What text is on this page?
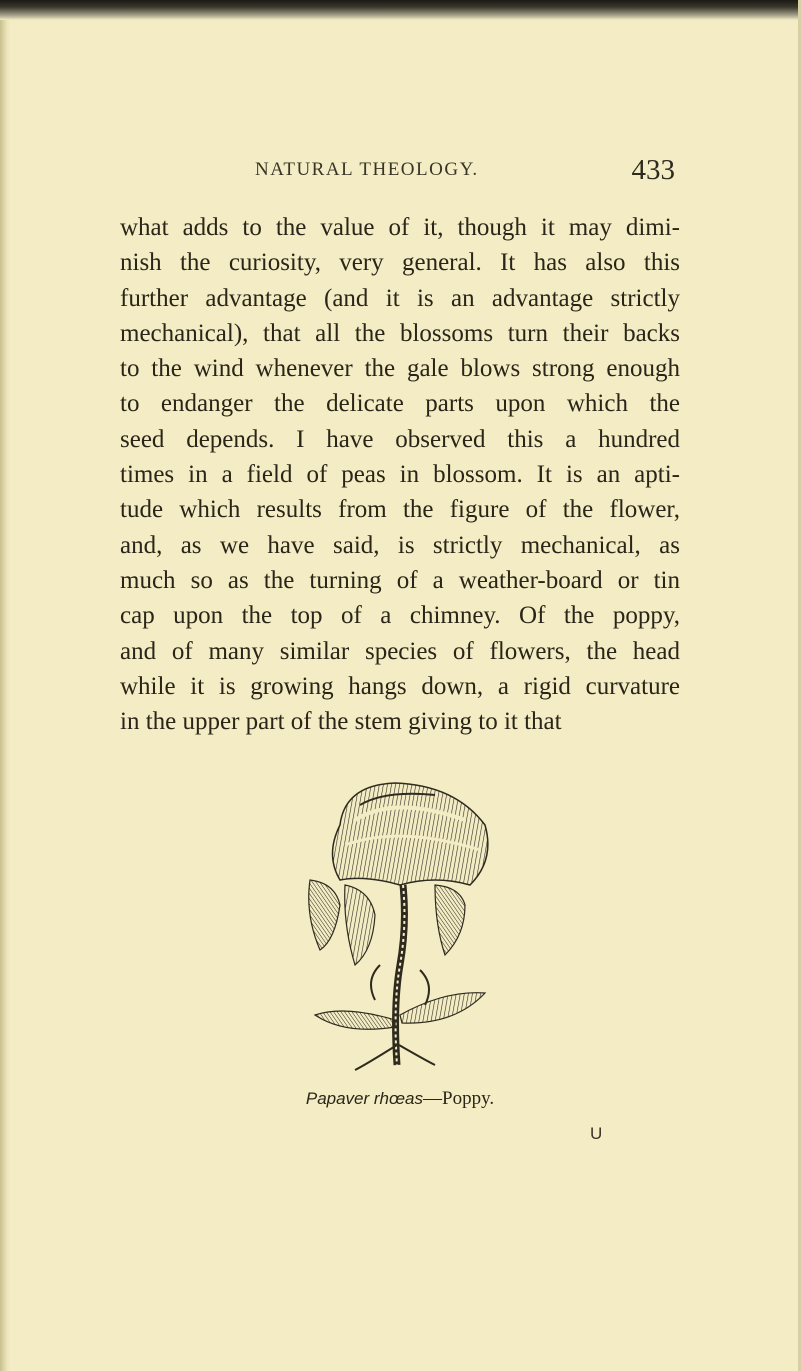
NATURAL THEOLOGY.	433
what adds to the value of it, though it may dimi-
nish the curiosity, very general. It has also this
further advantage (and it is an advantage strictly
mechanical), that all the blossoms turn their backs
to the wind whenever the gale blows strong enough
to endanger the delicate parts upon which the
seed depends. I have observed this a hundred
times in a field of peas in blossom. It is an apti-
tude which results from the figure of the flower,
and, as we have said, is strictly mechanical, as
much so as the turning of a weather-board or tin
cap upon the top of a chimney. Of the poppy,
and of many similar species of flowers, the head
while it is growing hangs down, a rigid curvature
in the upper part of the stem giving to it that
Papaver rhœas—Poppy.
U
